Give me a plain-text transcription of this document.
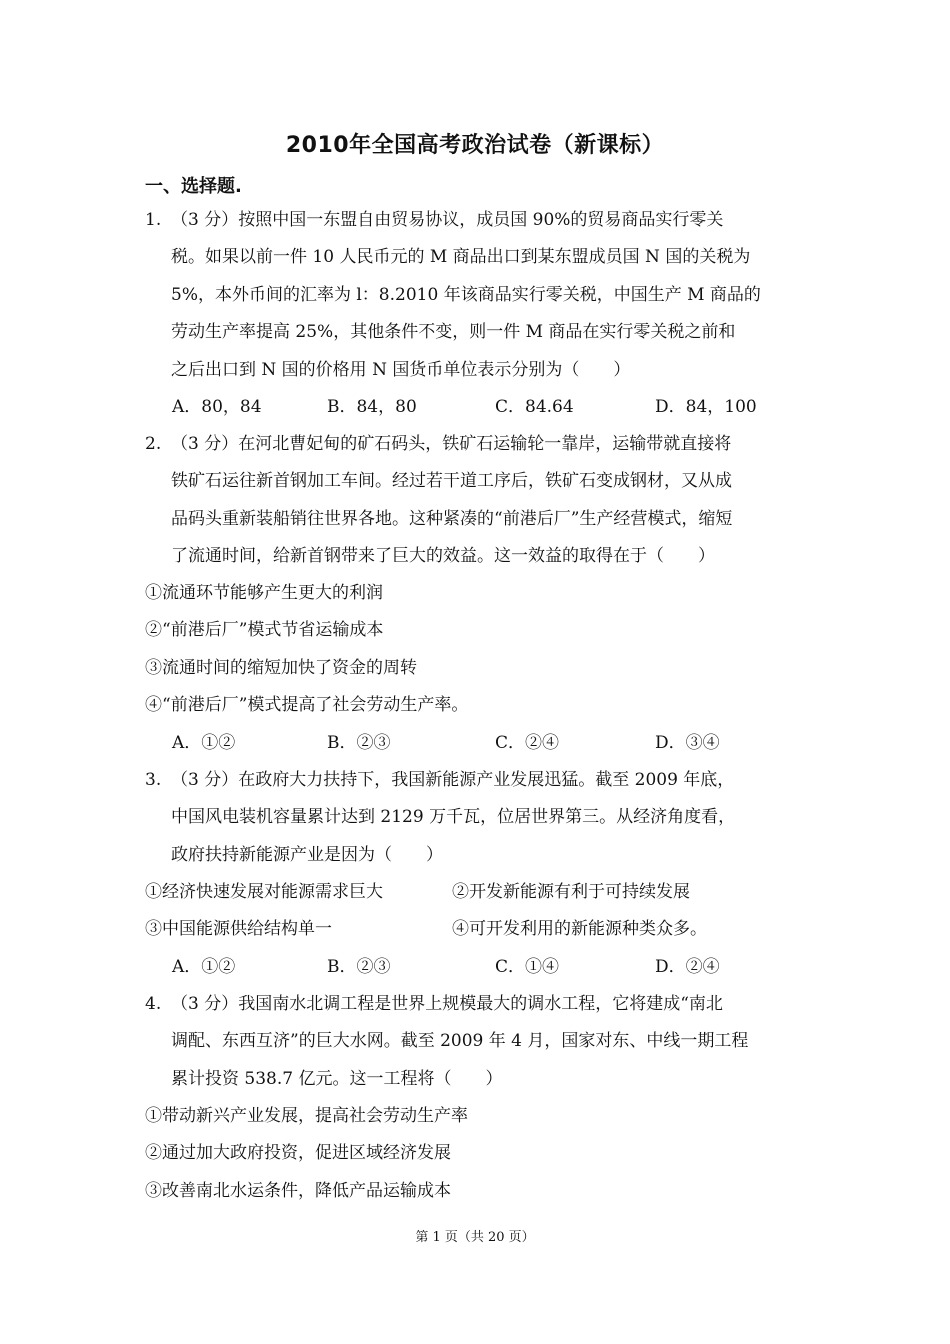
2010年全国高考政治试卷（新课标）
一、选择题.
1. （3 分）按照中国一东盟自由贸易协议，成员国 90%的贸易商品实行零关
税。如果以前一件 10 人民币元的 M 商品出口到某东盟成员国 N 国的关税为
5%，本外币间的汇率为 l：8.2010 年该商品实行零关税，中国生产 M 商品的
劳动生产率提高 25%，其他条件不变，则一件 M 商品在实行零关税之前和
之后出口到 N 国的价格用 N 国货币单位表示分别为（　　）
A．80，84	B．84，80	C．84.64	D．84，100
2. （3 分）在河北曹妃甸的矿石码头，铁矿石运输轮一靠岸，运输带就直接将
铁矿石运往新首钢加工车间。经过若干道工序后，铁矿石变成钢材，又从成
品码头重新装船销往世界各地。这种紧凑的“前港后厂”生产经营模式，缩短
了流通时间，给新首钢带来了巨大的效益。这一效益的取得在于（　　）
①流通环节能够产生更大的利润
②“前港后厂”模式节省运输成本
③流通时间的缩短加快了资金的周转
④“前港后厂”模式提高了社会劳动生产率。
A．①②	B．②③	C．②④	D．③④
3. （3 分）在政府大力扶持下，我国新能源产业发展迅猛。截至 2009 年底，
中国风电装机容量累计达到 2129 万千瓦，位居世界第三。从经济角度看，
政府扶持新能源产业是因为（　　）
①经济快速发展对能源需求巨大	②开发新能源有利于可持续发展
③中国能源供给结构单一	④可开发利用的新能源种类众多。
A．①②	B．②③	C．①④	D．②④
4. （3 分）我国南水北调工程是世界上规模最大的调水工程，它将建成“南北
调配、东西互济”的巨大水网。截至 2009 年 4 月，国家对东、中线一期工程
累计投资 538.7 亿元。这一工程将（　　）
①带动新兴产业发展，提高社会劳动生产率
②通过加大政府投资，促进区域经济发展
③改善南北水运条件，降低产品运输成本
第 1 页（共 20 页）
